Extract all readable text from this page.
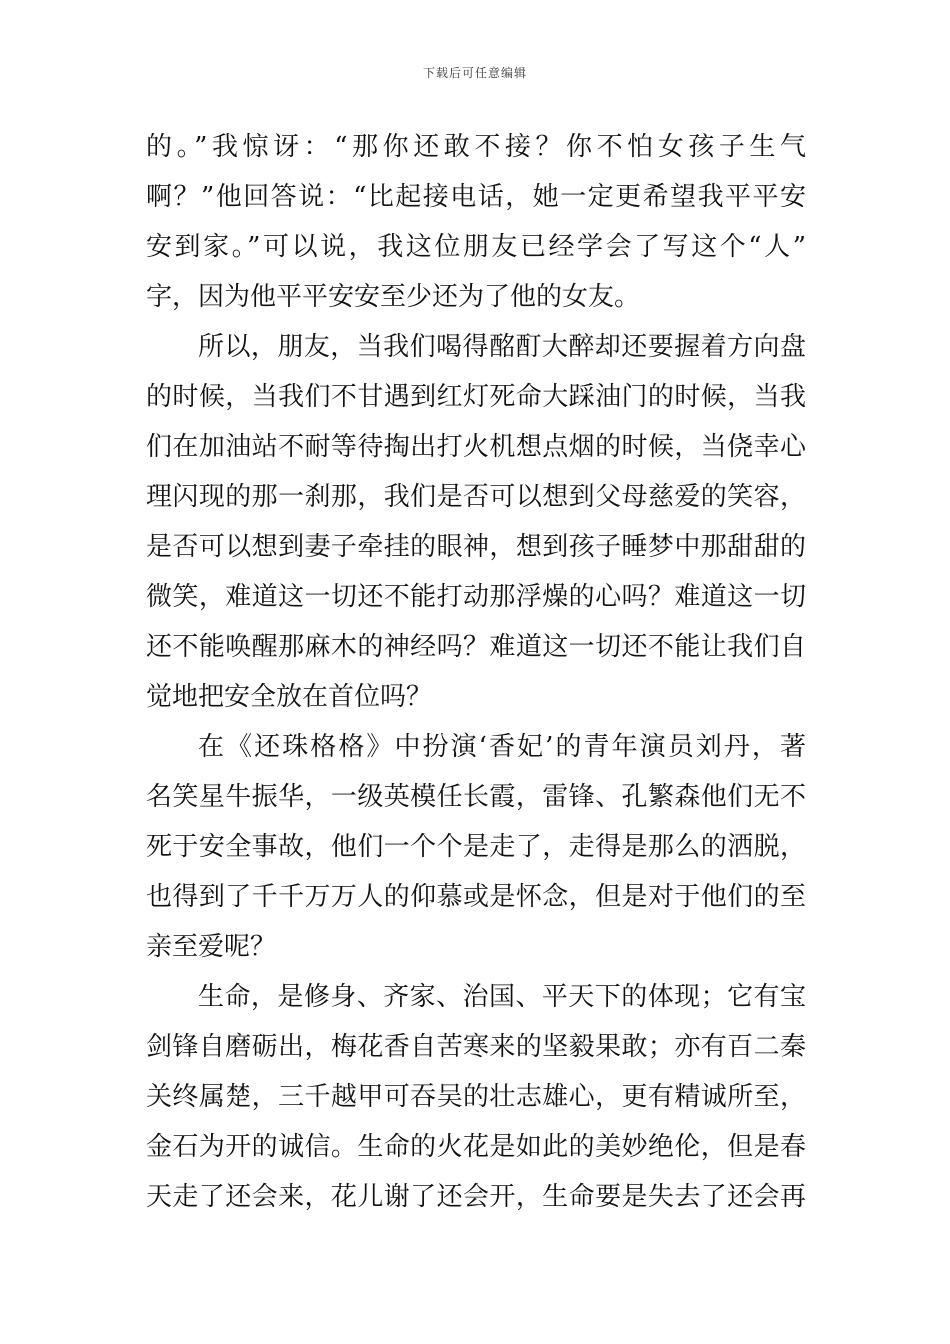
下载后可任意编辑
的。”我惊讶：“那你还敢不接？你不怕女孩子生气
啊？”他回答说：“比起接电话，她一定更希望我平平安
安到家。”可以说，我这位朋友已经学会了写这个“人”
字，因为他平平安安至少还为了他的女友。
所以，朋友，当我们喝得酩酊大醉却还要握着方向盘
的时候，当我们不甘遇到红灯死命大踩油门的时候，当我
们在加油站不耐等待掏出打火机想点烟的时候，当侥幸心
理闪现的那一刹那，我们是否可以想到父母慈爱的笑容，
是否可以想到妻子牵挂的眼神，想到孩子睡梦中那甜甜的
微笑，难道这一切还不能打动那浮燥的心吗？难道这一切
还不能唤醒那麻木的神经吗？难道这一切还不能让我们自
觉地把安全放在首位吗？
在《还珠格格》中扮演‘香妃’的青年演员刘丹，著
名笑星牛振华，一级英模任长霞，雷锋、孔繁森他们无不
死于安全事故，他们一个个是走了，走得是那么的洒脱，
也得到了千千万万人的仰慕或是怀念，但是对于他们的至
亲至爱呢？
生命，是修身、齐家、治国、平天下的体现；它有宝
剑锋自磨砺出，梅花香自苦寒来的坚毅果敢；亦有百二秦
关终属楚，三千越甲可吞吴的壮志雄心，更有精诚所至，
金石为开的诚信。生命的火花是如此的美妙绝伦，但是春
天走了还会来，花儿谢了还会开，生命要是失去了还会再
